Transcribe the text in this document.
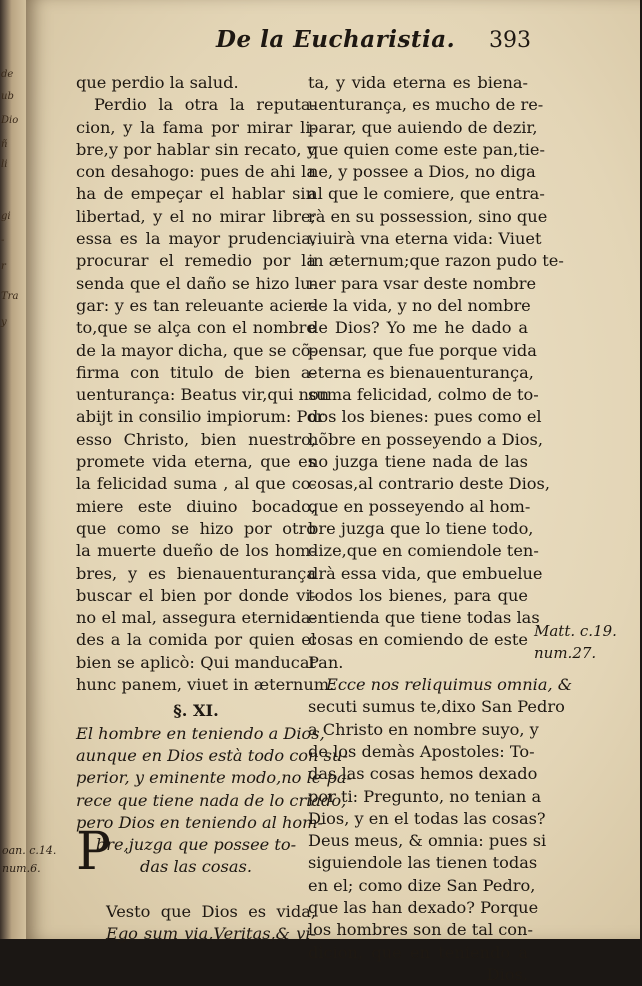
de
ub
Dio
ñ
li
gi
-
r
Tra
y
De la Eucharistia. 393
que perdio la salud.
Perdio la otra la reputa-
cion, y la fama por mirar li-
bre,y por hablar sin recato, y
con desahogo: pues de ahi la
ha de empeçar el hablar sin
libertad, y el no mirar libre;
essa es la mayor prudencia,
procurar el remedio por la
senda que el daño se hizo lu-
gar: y es tan releuante acier-
to,que se alça con el nombre
de la mayor dicha, que se cõ-
firma con titulo de bien a-
uenturança: Beatus vir,qui non
abijt in consilio impiorum: Por
esso Christo, bien nuestro,
promete vida eterna, que es
la felicidad suma , al que co-
miere este diuino bocado,
que como se hizo por otro
la muerte dueño de los hom-
bres, y es bienauenturança
buscar el bien por donde vi-
no el mal, assegura eternida-
des a la comida por quien el
bien se aplicò: Qui manducat
hunc panem, viuet in æternum.
§. XI.
El hombre en teniendo a Dios,
aunque en Dios està todo con su-
perior, y eminente modo,no le pa-
rece que tiene nada de lo criado,
pero Dios en teniendo al hom-
bre,juzga que possee to-
das las cosas.
Vesto que Dios es vida,
Ego sum via,Veritas,& vi-
P
ta, y vida eterna es biena-
uenturança, es mucho de re-
parar, que auiendo de dezir,
que quien come este pan,tie-
ne, y possee a Dios, no diga
al que le comiere, que entra-
rà en su possession, sino que
viuirà vna eterna vida: Viuet
in æternum;que razon pudo te-
ner para vsar deste nombre
de la vida, y no del nombre
de Dios? Yo me he dado a
pensar, que fue porque vida
eterna es bienauenturança,
suma felicidad, colmo de to-
dos los bienes: pues como el
hõbre en posseyendo a Dios,
no juzga tiene nada de las
cosas,al contrario deste Dios,
que en posseyendo al hom-
bre juzga que lo tiene todo,
dize,que en comiendole ten-
drà essa vida, que embuelue
todos los bienes, para que
entienda que tiene todas las
cosas en comiendo de este
Pan.
Ecce nos reliquimus omnia, &
secuti sumus te,dixo San Pedro
a Christo en nombre suyo, y
de los demàs Apostoles: To-
das las cosas hemos dexado
por ti: Pregunto, no tenian a
Dios, y en el todas las cosas?
Deus meus, & omnia: pues si
siguiendole las tienen todas
en el; como dize San Pedro,
que las han dexado? Porque
los hombres son de tal con-
dicion, que en teniendo a
Dios,
Matt. c.19.
num.27.
oan. c.14.
num.6.
